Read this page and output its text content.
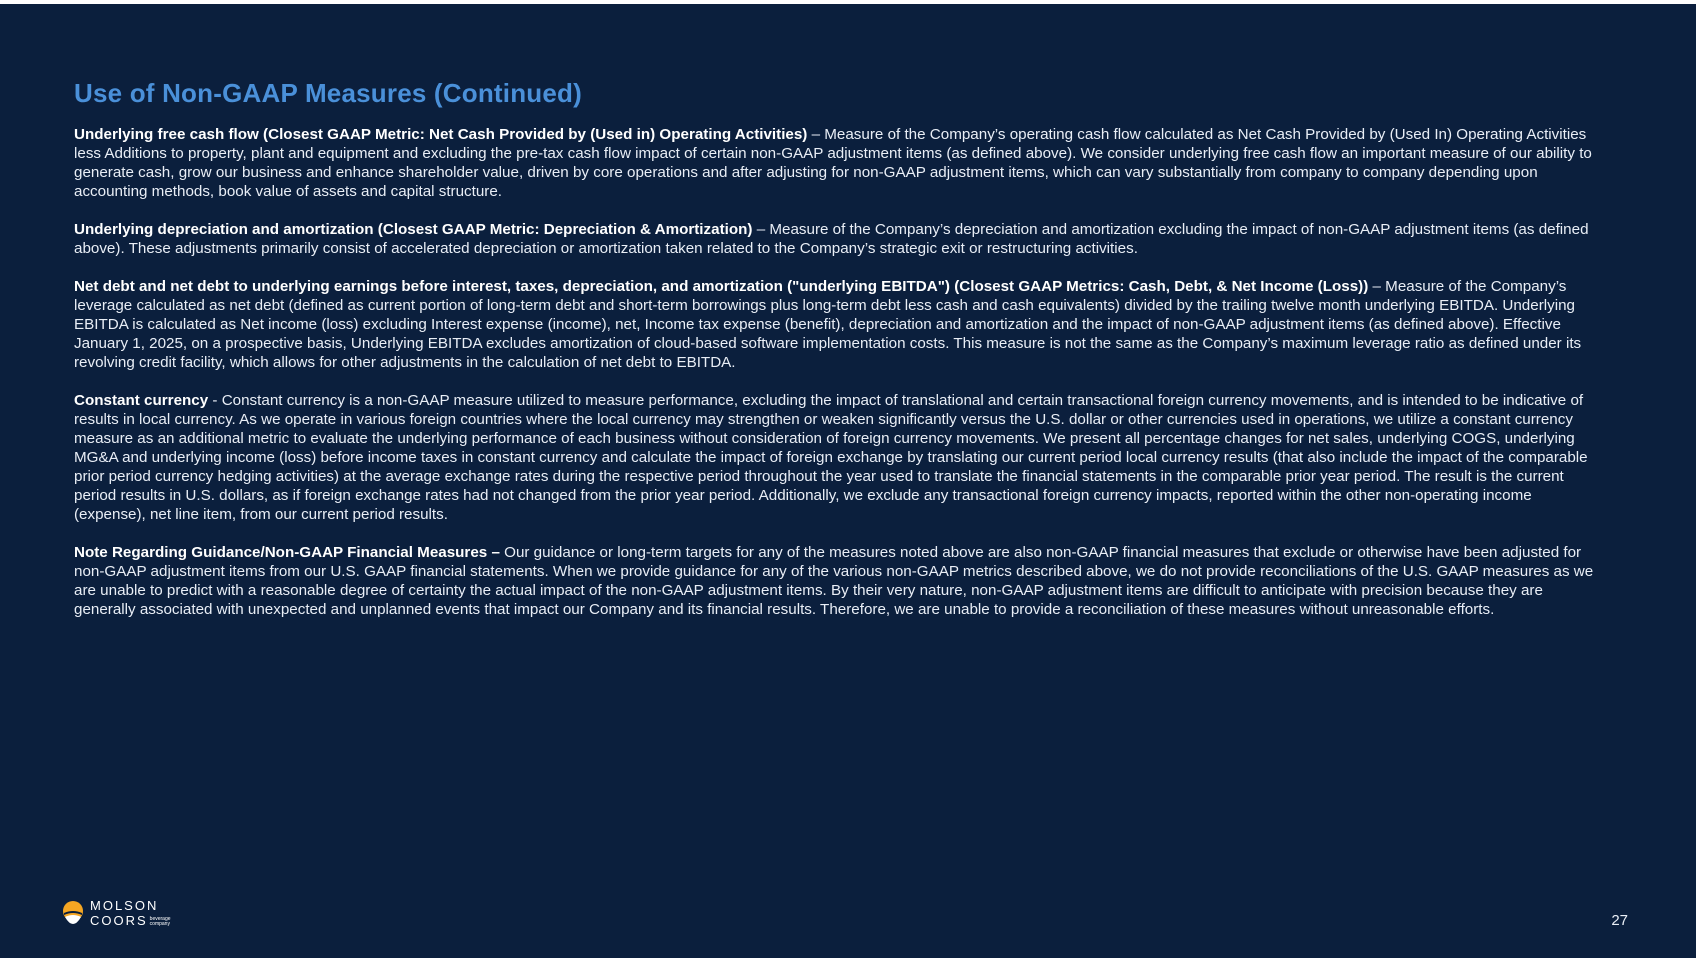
Use of Non-GAAP Measures (Continued)

Underlying free cash flow (Closest GAAP Metric: Net Cash Provided by (Used in) Operating Activities) – Measure of the Company’s operating cash flow calculated as Net Cash Provided by (Used In) Operating Activities less Additions to property, plant and equipment and excluding the pre-tax cash flow impact of certain non-GAAP adjustment items (as defined above). We consider underlying free cash flow an important measure of our ability to generate cash, grow our business and enhance shareholder value, driven by core operations and after adjusting for non-GAAP adjustment items, which can vary substantially from company to company depending upon accounting methods, book value of assets and capital structure.

Underlying depreciation and amortization (Closest GAAP Metric: Depreciation & Amortization) – Measure of the Company’s depreciation and amortization excluding the impact of non-GAAP adjustment items (as defined above). These adjustments primarily consist of accelerated depreciation or amortization taken related to the Company’s strategic exit or restructuring activities.

Net debt and net debt to underlying earnings before interest, taxes, depreciation, and amortization ("underlying EBITDA") (Closest GAAP Metrics: Cash, Debt, & Net Income (Loss)) – Measure of the Company’s leverage calculated as net debt (defined as current portion of long-term debt and short-term borrowings plus long-term debt less cash and cash equivalents) divided by the trailing twelve month underlying EBITDA. Underlying EBITDA is calculated as Net income (loss) excluding Interest expense (income), net, Income tax expense (benefit), depreciation and amortization and the impact of non-GAAP adjustment items (as defined above). Effective January 1, 2025, on a prospective basis, Underlying EBITDA excludes amortization of cloud-based software implementation costs. This measure is not the same as the Company’s maximum leverage ratio as defined under its revolving credit facility, which allows for other adjustments in the calculation of net debt to EBITDA.

Constant currency - Constant currency is a non-GAAP measure utilized to measure performance, excluding the impact of translational and certain transactional foreign currency movements, and is intended to be indicative of results in local currency. As we operate in various foreign countries where the local currency may strengthen or weaken significantly versus the U.S. dollar or other currencies used in operations, we utilize a constant currency measure as an additional metric to evaluate the underlying performance of each business without consideration of foreign currency movements. We present all percentage changes for net sales, underlying COGS, underlying MG&A and underlying income (loss) before income taxes in constant currency and calculate the impact of foreign exchange by translating our current period local currency results (that also include the impact of the comparable prior period currency hedging activities) at the average exchange rates during the respective period throughout the year used to translate the financial statements in the comparable prior year period. The result is the current period results in U.S. dollars, as if foreign exchange rates had not changed from the prior year period. Additionally, we exclude any transactional foreign currency impacts, reported within the other non-operating income (expense), net line item, from our current period results.

Note Regarding Guidance/Non-GAAP Financial Measures – Our guidance or long-term targets for any of the measures noted above are also non-GAAP financial measures that exclude or otherwise have been adjusted for non-GAAP adjustment items from our U.S. GAAP financial statements. When we provide guidance for any of the various non-GAAP metrics described above, we do not provide reconciliations of the U.S. GAAP measures as we are unable to predict with a reasonable degree of certainty the actual impact of the non-GAAP adjustment items. By their very nature, non-GAAP adjustment items are difficult to anticipate with precision because they are generally associated with unexpected and unplanned events that impact our Company and its financial results. Therefore, we are unable to provide a reconciliation of these measures without unreasonable efforts.

MOLSON
COORS beverage
company	27
